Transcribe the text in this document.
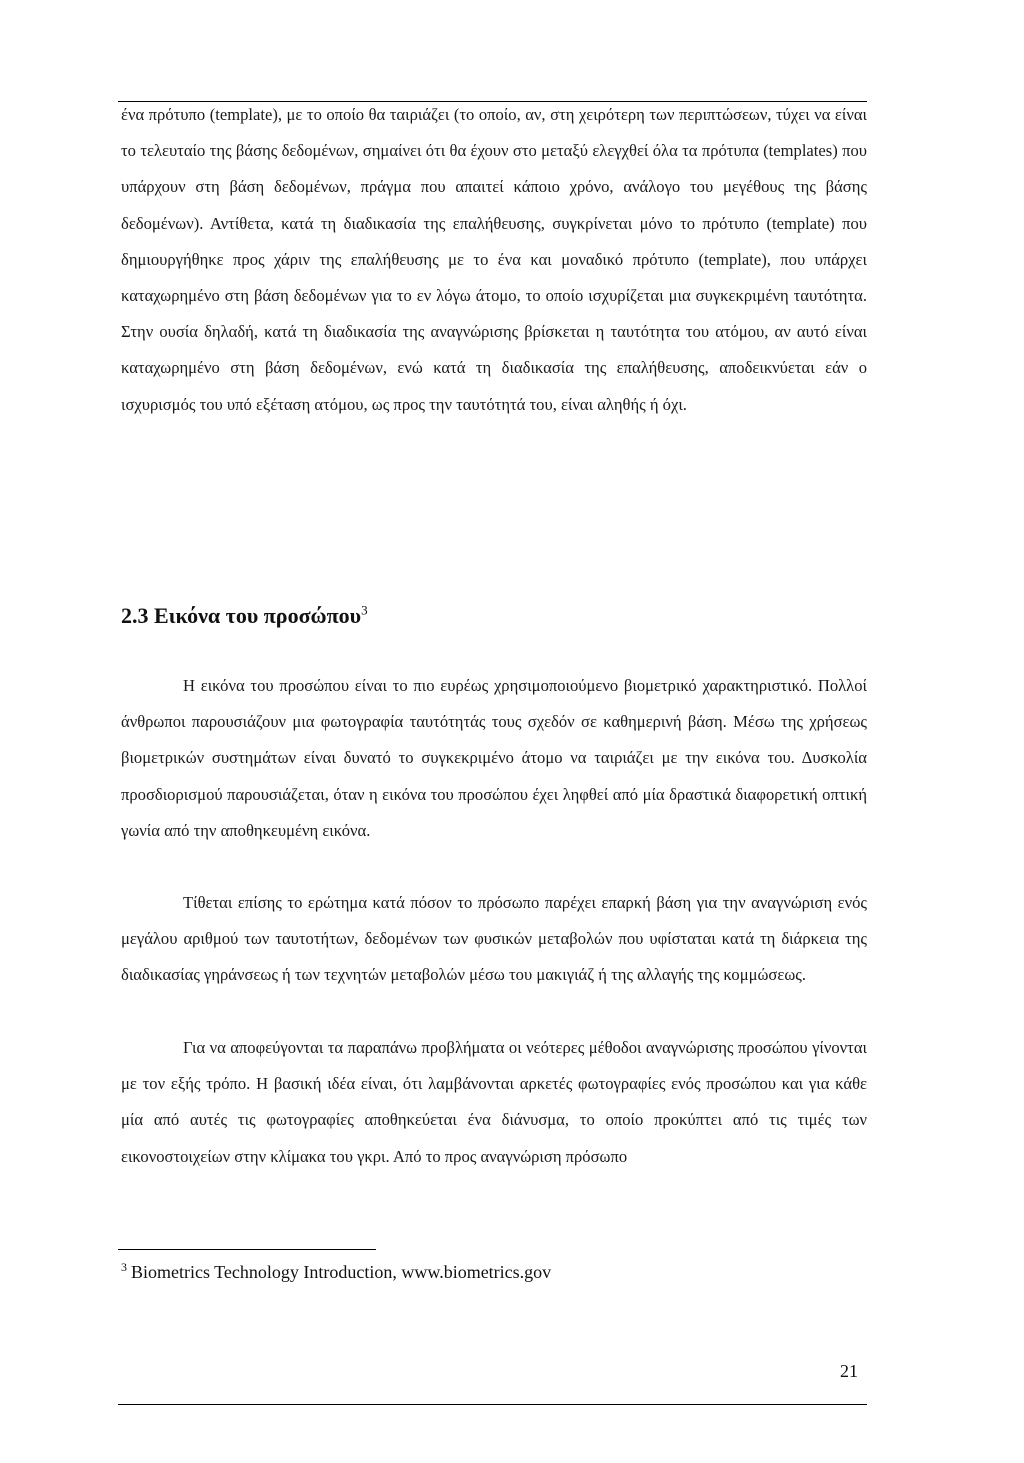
ένα πρότυπο (template), με το οποίο θα ταιριάζει (το οποίο, αν, στη χειρότερη των περιπτώσεων, τύχει να είναι το τελευταίο της βάσης δεδομένων, σημαίνει ότι θα έχουν στο μεταξύ ελεγχθεί όλα τα πρότυπα (templates) που υπάρχουν στη βάση δεδομένων, πράγμα που απαιτεί κάποιο χρόνο, ανάλογο του μεγέθους της βάσης δεδομένων). Αντίθετα, κατά τη διαδικασία της επαλήθευσης, συγκρίνεται μόνο το πρότυπο (template) που δημιουργήθηκε προς χάριν της επαλήθευσης με το ένα και μοναδικό πρότυπο (template), που υπάρχει καταχωρημένο στη βάση δεδομένων για το εν λόγω άτομο, το οποίο ισχυρίζεται μια συγκεκριμένη ταυτότητα. Στην ουσία δηλαδή, κατά τη διαδικασία της αναγνώρισης βρίσκεται η ταυτότητα του ατόμου, αν αυτό είναι καταχωρημένο στη βάση δεδομένων, ενώ κατά τη διαδικασία της επαλήθευσης, αποδεικνύεται εάν ο ισχυρισμός του υπό εξέταση ατόμου, ως προς την ταυτότητά του, είναι αληθής ή όχι.

2.3 Εικόνα του προσώπου$^3$

Η εικόνα του προσώπου είναι το πιο ευρέως χρησιμοποιούμενο βιομετρικό χαρακτηριστικό. Πολλοί άνθρωποι παρουσιάζουν μια φωτογραφία ταυτότητάς τους σχεδόν σε καθημερινή βάση. Μέσω της χρήσεως βιομετρικών συστημάτων είναι δυνατό το συγκεκριμένο άτομο να ταιριάζει με την εικόνα του. Δυσκολία προσδιορισμού παρουσιάζεται, όταν η εικόνα του προσώπου έχει ληφθεί από μία δραστικά διαφορετική οπτική γωνία από την αποθηκευμένη εικόνα.

Τίθεται επίσης το ερώτημα κατά πόσον το πρόσωπο παρέχει επαρκή βάση για την αναγνώριση ενός μεγάλου αριθμού των ταυτοτήτων, δεδομένων των φυσικών μεταβολών που υφίσταται κατά τη διάρκεια της διαδικασίας γηράνσεως ή των τεχνητών μεταβολών μέσω του μακιγιάζ ή της αλλαγής της κομμώσεως.

Για να αποφεύγονται τα παραπάνω προβλήματα οι νεότερες μέθοδοι αναγνώρισης προσώπου γίνονται με τον εξής τρόπο. Η βασική ιδέα είναι, ότι λαμβάνονται αρκετές φωτογραφίες ενός προσώπου και για κάθε μία από αυτές τις φωτογραφίες αποθηκεύεται ένα διάνυσμα, το οποίο προκύπτει από τις τιμές των εικονοστοιχείων στην κλίμακα του γκρι. Από το προς αναγνώριση πρόσωπο

$^3$ Biometrics Technology Introduction, www.biometrics.gov
21
